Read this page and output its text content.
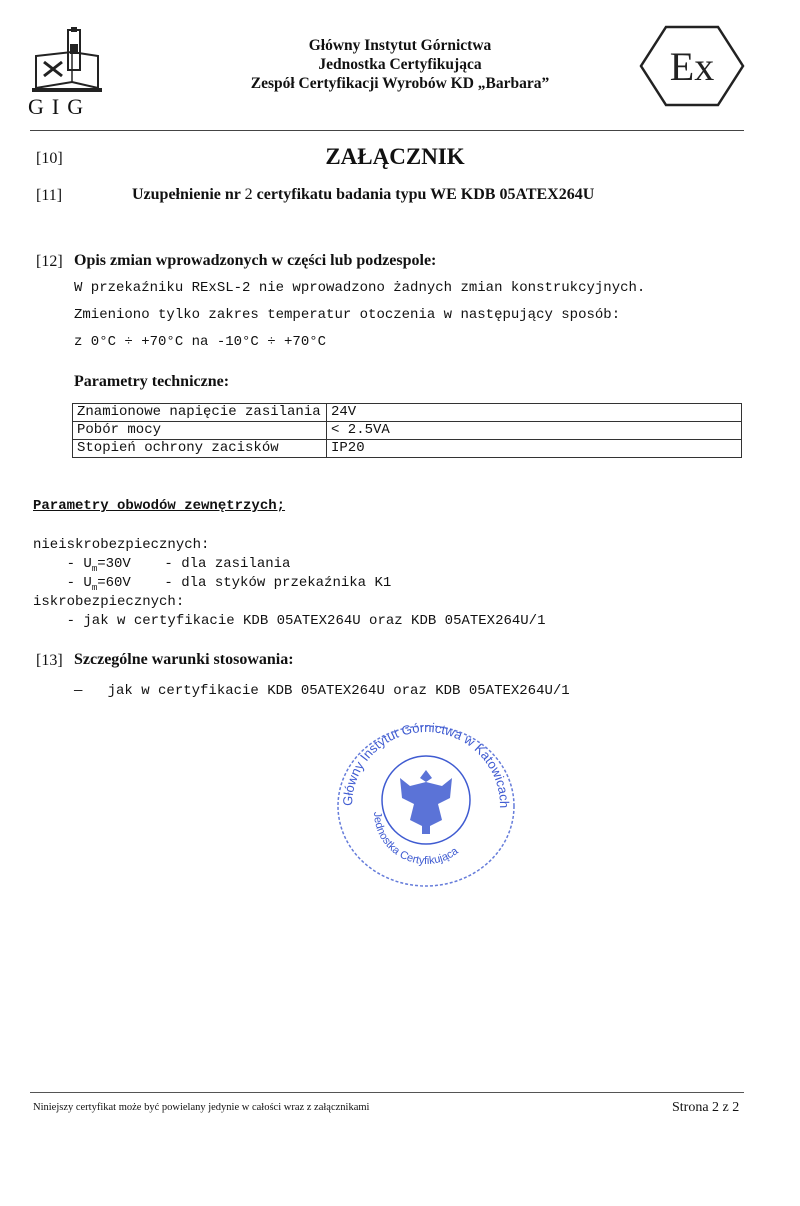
GIG
Główny Instytut Górnictwa
Jednostka Certyfikująca
Zespół Certyfikacji Wyrobów KD „Barbara”	Ex
[10]	ZAŁĄCZNIK
[11]	Uzupełnienie nr 2 certyfikatu badania typu WE KDB 05ATEX264U
[12] Opis zmian wprowadzonych w części lub podzespole:
W przekaźniku RExSL-2 nie wprowadzono żadnych zmian konstrukcyjnych.
Zmieniono tylko zakres temperatur otoczenia w następujący sposób:
z 0°C ÷ +70°C na -10°C ÷ +70°C
Parametry techniczne:
Znamionowe napięcie zasilania	24V
Pobór mocy	< 2.5VA
Stopień ochrony zacisków	IP20
Parametry obwodów zewnętrzych;
nieiskrobezpiecznych:
- $U_m=30V$    - dla zasilania
- $U_m=60V$    - dla styków przekaźnika K1
iskrobezpiecznych:
- jak w certyfikacie KDB 05ATEX264U oraz KDB 05ATEX264U/1
[13] Szczególne warunki stosowania:
—   jak w certyfikacie KDB 05ATEX264U oraz KDB 05ATEX264U/1
Główny Instytut Górnictwa w Katowicach
Jednostka Certyfikująca
Niniejszy certyfikat może być powielany jedynie w całości wraz z załącznikami	Strona 2 z 2
